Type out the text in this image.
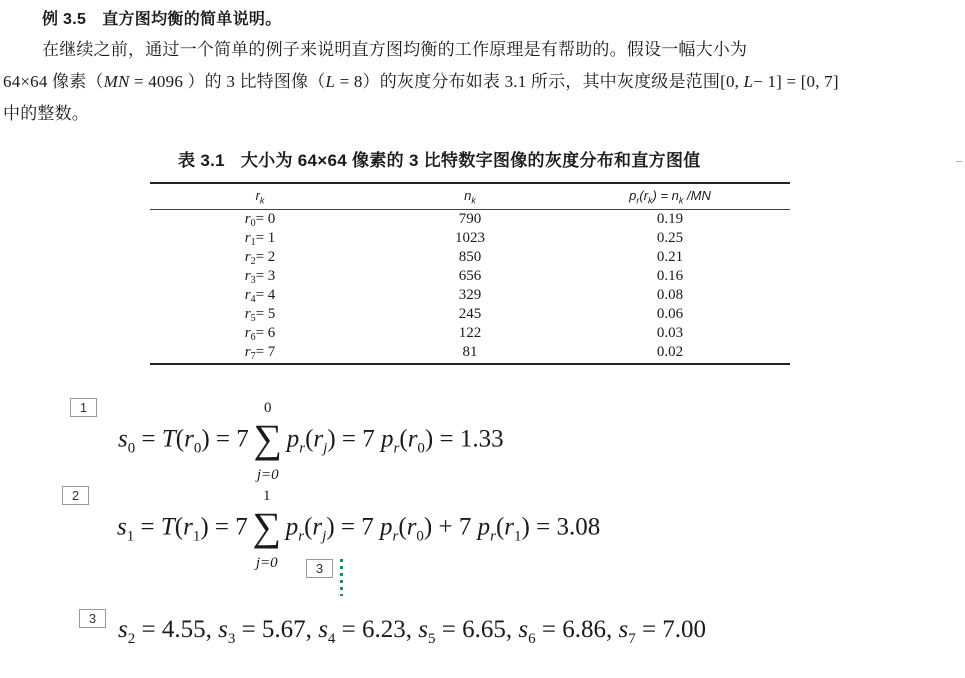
例 3.5 直方图均衡的简单说明。
在继续之前，通过一个简单的例子来说明直方图均衡的工作原理是有帮助的。假设一幅大小为
64×64 像素（MN = 4096 ）的 3 比特图像（L = 8）的灰度分布如表 3.1 所示，其中灰度级是范围[0, L− 1] = [0, 7]
中的整数。
表 3.1 大小为 64×64 像素的 3 比特数字图像的灰度分布和直方图值
$r_k$	$n_k$	$p_r(r_k) = n_k$ /MN
$r_0= 0$	790	0.19
$r_1= 1$	1023	0.25
$r_2= 2$	850	0.21
$r_3= 3$	656	0.16
$r_4= 4$	329	0.08
$r_5= 5$	245	0.06
$r_6= 6$	122	0.03
$r_7= 7$	81	0.02
1
2
3
3
$s_0 = T(r_0) = 7$
0
∑
j=0
$p_r(r_j) = 7$ $p_r(r_0) = 1.33$
$s_1 = T(r_1) = 7$
1
∑
j=0
$p_r(r_j) = 7$ $p_r(r_0) + 7$ $p_r(r_1) = 3.08$
$s_2 = 4.55$, $s_3 = 5.67$, $s_4 = 6.23$, $s_5 = 6.65$, $s_6 = 6.86$, $s_7 = 7.00$
